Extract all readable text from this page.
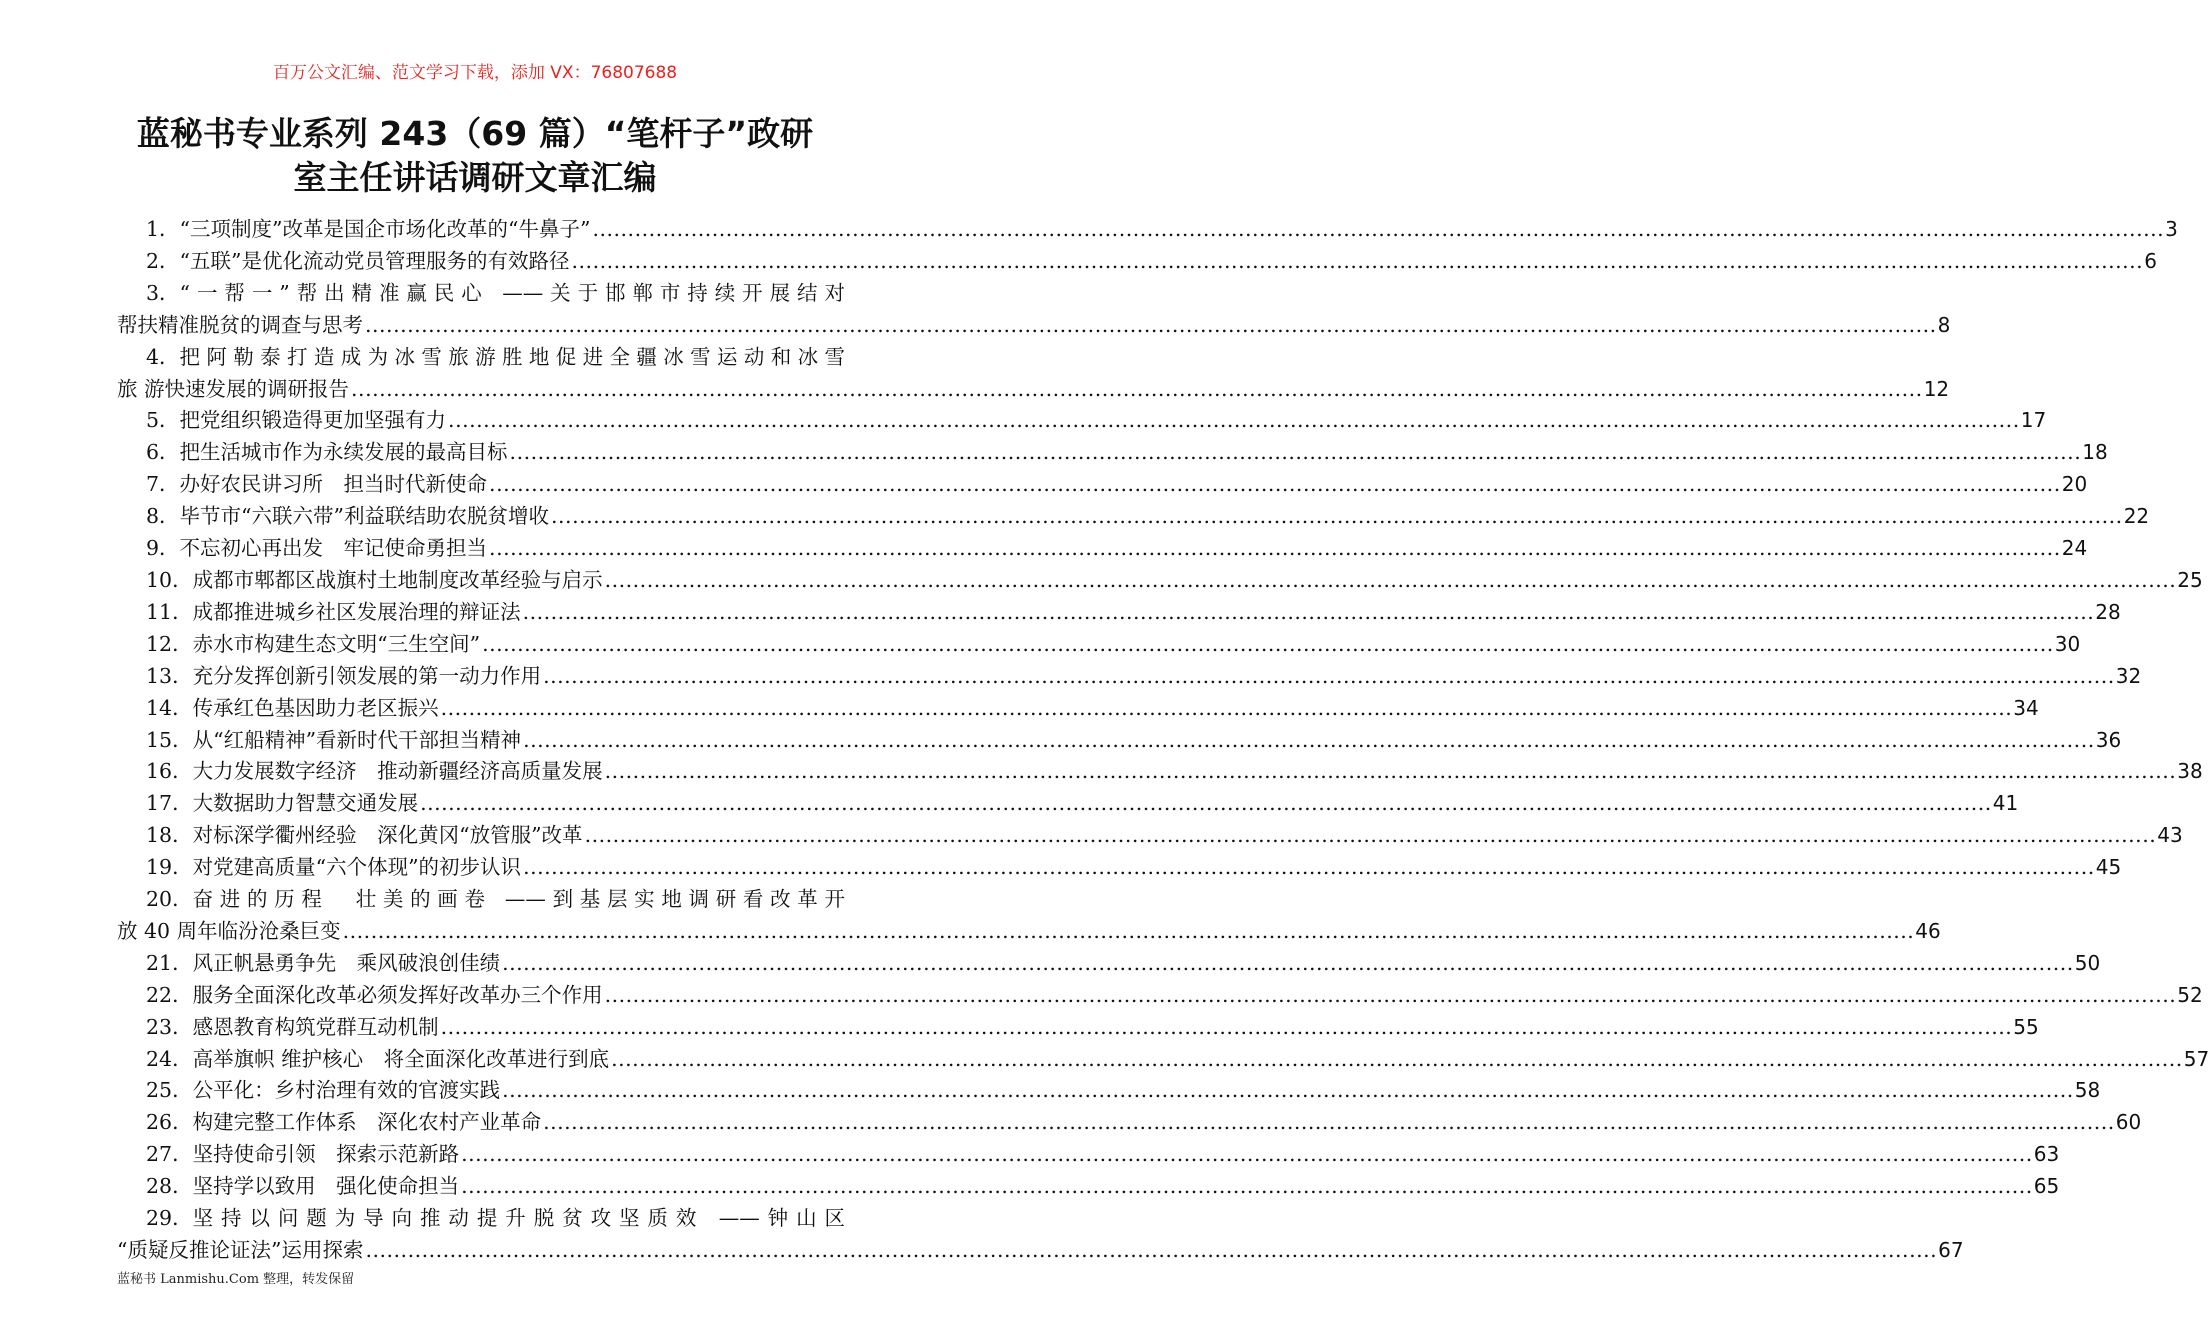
百万公文汇编、范文学习下载，添加 VX：76807688
蓝秘书专业系列 243（69 篇）“笔杆子”政研
室主任讲话调研文章汇编
1． “三项制度”改革是国企市场化改革的“牛鼻子” .....	3
2． “五联”是优化流动党员管理服务的有效路径 .....	6
3． “一帮一”帮出精准赢民心 ——关于邯郸市持续开展结对
帮扶精准脱贫的调查与思考 .....	8
4． 把阿勒泰打造成为冰雪旅游胜地促进全疆冰雪运动和冰雪
旅 游快速发展的调研报告 .....	12
5． 把党组织锻造得更加坚强有力 .....	17
6． 把生活城市作为永续发展的最高目标 .....	18
7． 办好农民讲习所　担当时代新使命 .....	20
8． 毕节市“六联六带”利益联结助农脱贫增收 .....	22
9． 不忘初心再出发　牢记使命勇担当 .....	24
10． 成都市郫都区战旗村土地制度改革经验与启示 .....	25
11． 成都推进城乡社区发展治理的辩证法 .....	28
12． 赤水市构建生态文明“三生空间” .....	30
13． 充分发挥创新引领发展的第一动力作用 .....	32
14． 传承红色基因助力老区振兴 .....	34
15． 从“红船精神”看新时代干部担当精神 .....	36
16． 大力发展数字经济　推动新疆经济高质量发展 .....	38
17． 大数据助力智慧交通发展 .....	41
18． 对标深学衢州经验　深化黄冈“放管服”改革 .....	43
19． 对党建高质量“六个体现”的初步认识 .....	45
20． 奋进的历程　壮美的画卷 ——到基层实地调研看改革开
放 40 周年临汾沧桑巨变 .....	46
21． 风正帆悬勇争先　乘风破浪创佳绩 .....	50
22． 服务全面深化改革必须发挥好改革办三个作用 .....	52
23． 感恩教育构筑党群互动机制 .....	55
24． 高举旗帜 维护核心　将全面深化改革进行到底 .....	57
25． 公平化：乡村治理有效的官渡实践 .....	58
26． 构建完整工作体系　深化农村产业革命 .....	60
27． 坚持使命引领　探索示范新路 .....	63
28． 坚持学以致用　强化使命担当 .....	65
29． 坚持以问题为导向推动提升脱贫攻坚质效 ——钟山区
“质疑反推论证法”运用探索 .....	67
蓝秘书 Lanmishu.Com 整理，转发保留
